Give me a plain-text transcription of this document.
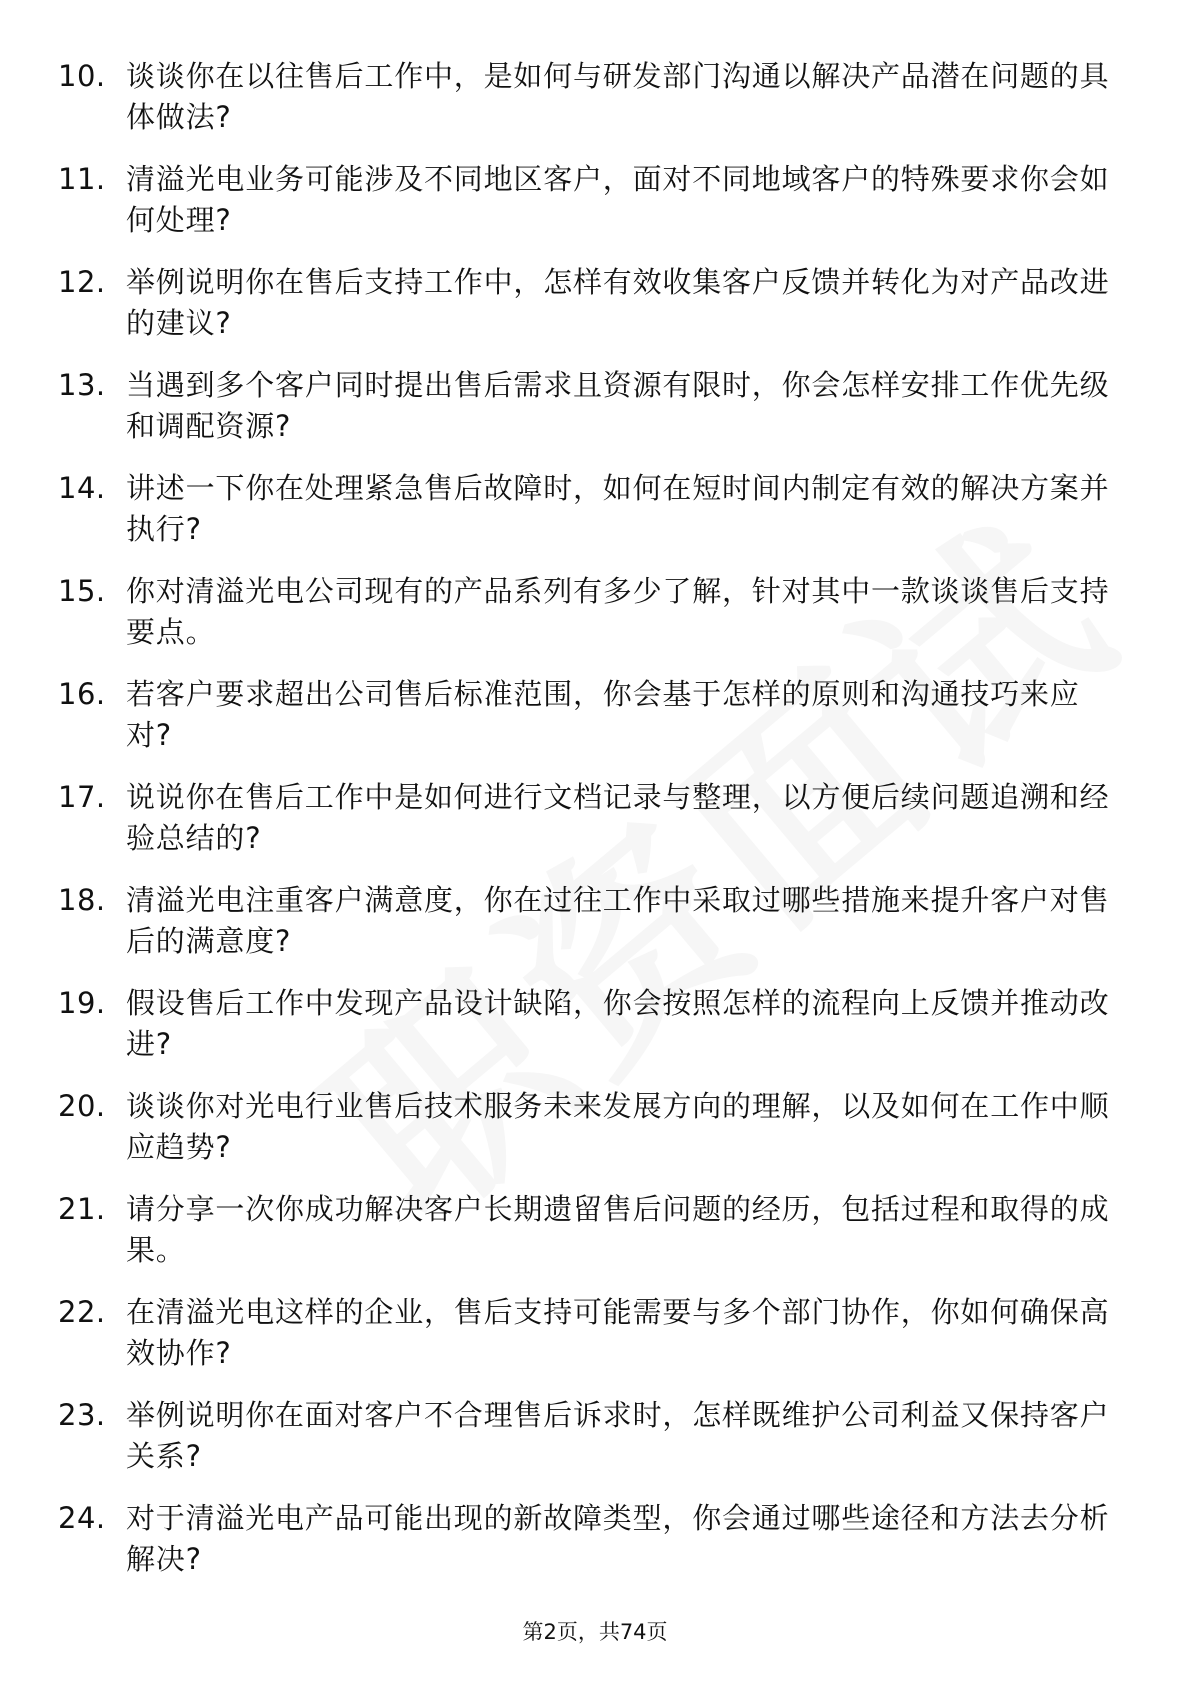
10. 谈谈你在以往售后工作中，是如何与研发部门沟通以解决产品潜在问题的具体做法?
11. 清溢光电业务可能涉及不同地区客户，面对不同地域客户的特殊要求你会如何处理?
12. 举例说明你在售后支持工作中，怎样有效收集客户反馈并转化为对产品改进的建议?
13. 当遇到多个客户同时提出售后需求且资源有限时，你会怎样安排工作优先级和调配资源?
14. 讲述一下你在处理紧急售后故障时，如何在短时间内制定有效的解决方案并执行?
15. 你对清溢光电公司现有的产品系列有多少了解，针对其中一款谈谈售后支持要点。
16. 若客户要求超出公司售后标准范围，你会基于怎样的原则和沟通技巧来应对?
17. 说说你在售后工作中是如何进行文档记录与整理，以方便后续问题追溯和经验总结的?
18. 清溢光电注重客户满意度，你在过往工作中采取过哪些措施来提升客户对售后的满意度?
19. 假设售后工作中发现产品设计缺陷，你会按照怎样的流程向上反馈并推动改进?
20. 谈谈你对光电行业售后技术服务未来发展方向的理解，以及如何在工作中顺应趋势?
21. 请分享一次你成功解决客户长期遗留售后问题的经历，包括过程和取得的成果。
22. 在清溢光电这样的企业，售后支持可能需要与多个部门协作，你如何确保高效协作?
23. 举例说明你在面对客户不合理售后诉求时，怎样既维护公司利益又保持客户关系?
24. 对于清溢光电产品可能出现的新故障类型，你会通过哪些途径和方法去分析解决?
第2页，共74页
